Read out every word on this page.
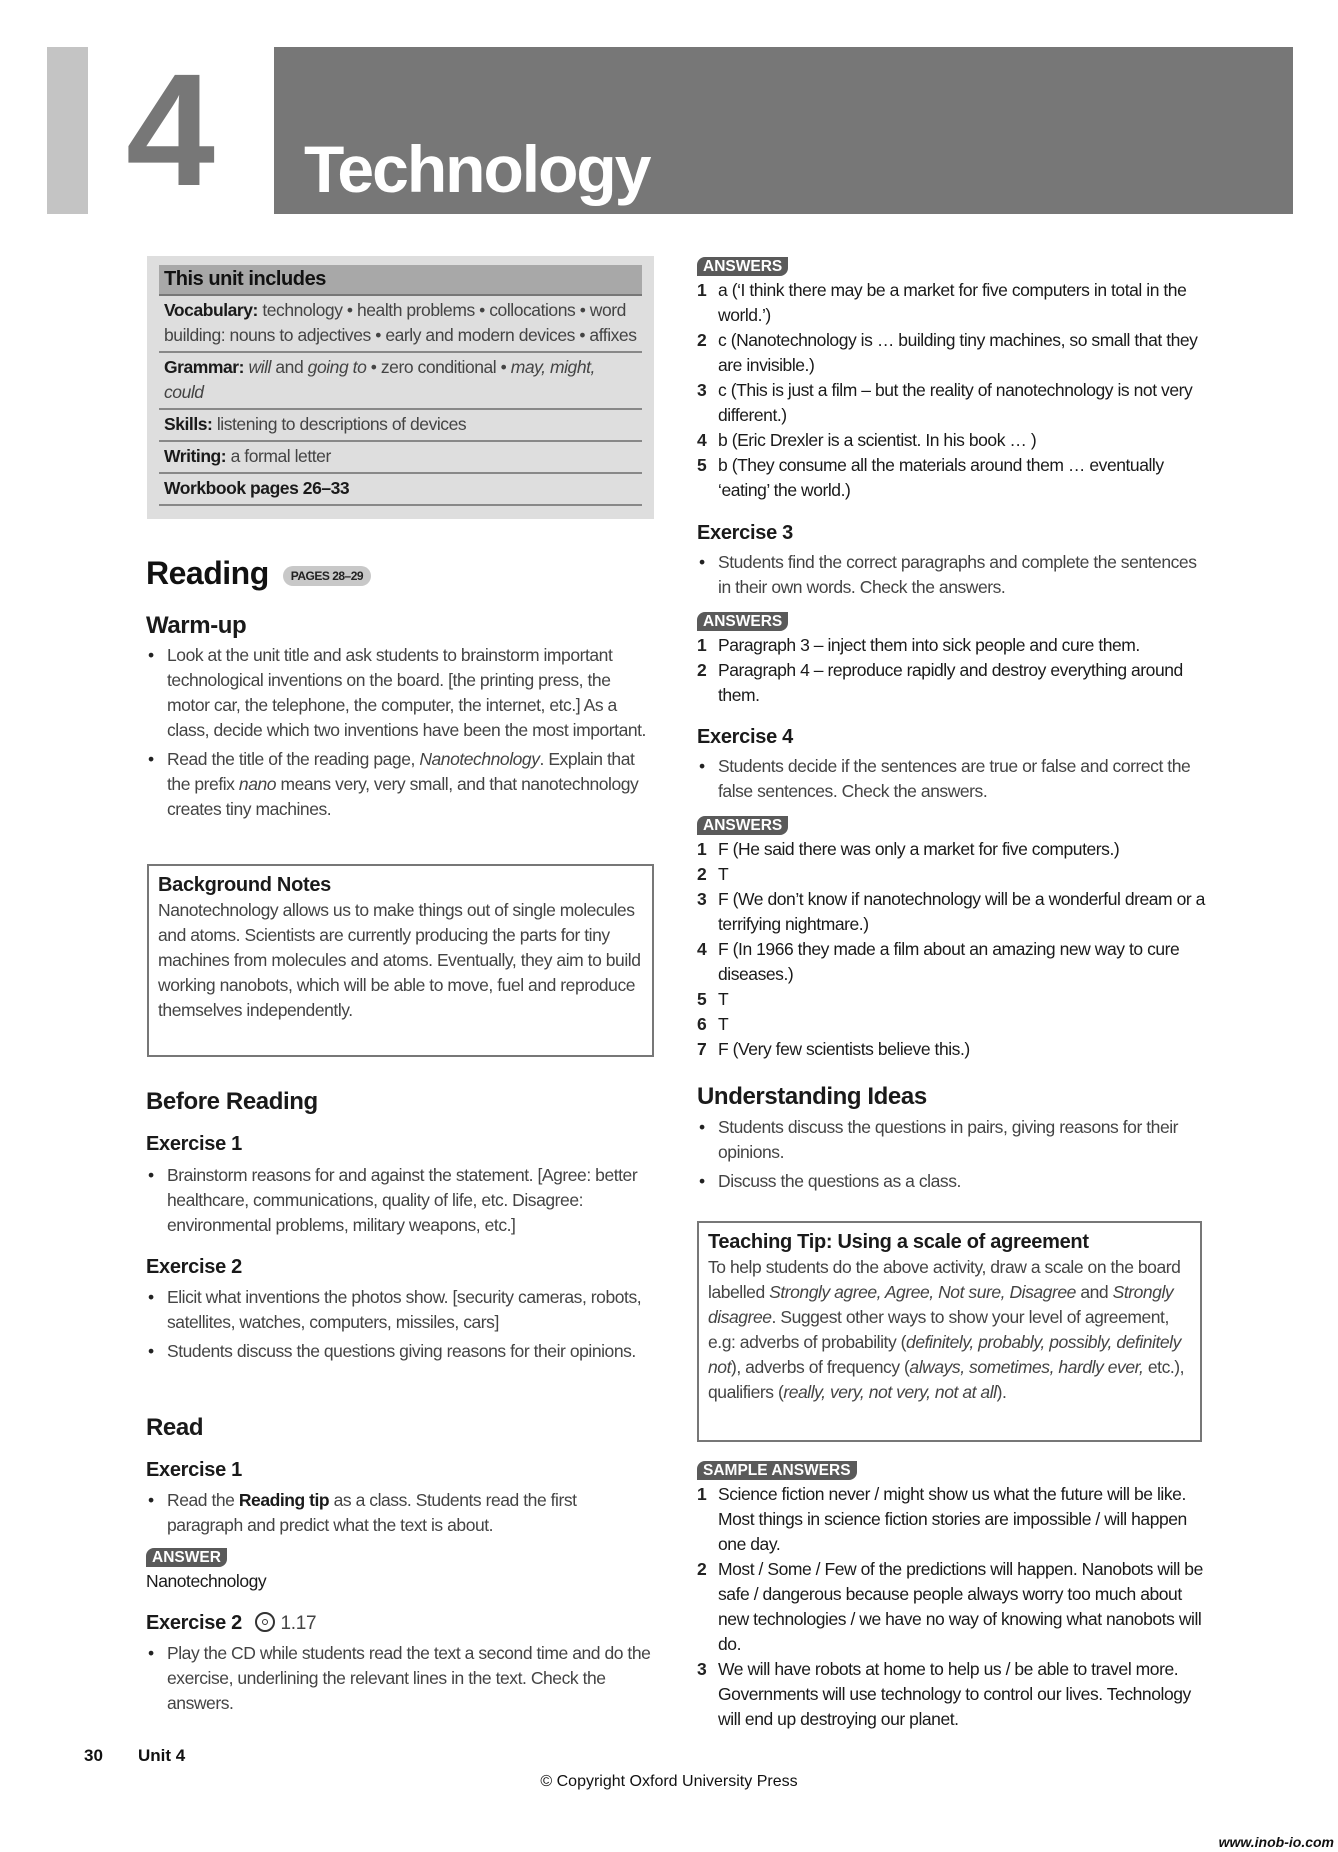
4 Technology
This unit includes
Vocabulary: technology • health problems • collocations • word building: nouns to adjectives • early and modern devices • affixes
Grammar: will and going to • zero conditional • may, might, could
Skills: listening to descriptions of devices
Writing: a formal letter
Workbook pages 26–33
Reading PAGES 28–29
Warm-up
• Look at the unit title and ask students to brainstorm important technological inventions on the board. [the printing press, the motor car, the telephone, the computer, the internet, etc.] As a class, decide which two inventions have been the most important.
• Read the title of the reading page, Nanotechnology. Explain that the prefix nano means very, very small, and that nanotechnology creates tiny machines.
Background Notes
Nanotechnology allows us to make things out of single molecules and atoms. Scientists are currently producing the parts for tiny machines from molecules and atoms. Eventually, they aim to build working nanobots, which will be able to move, fuel and reproduce themselves independently.
Before Reading
Exercise 1
• Brainstorm reasons for and against the statement. [Agree: better healthcare, communications, quality of life, etc. Disagree: environmental problems, military weapons, etc.]
Exercise 2
• Elicit what inventions the photos show. [security cameras, robots, satellites, watches, computers, missiles, cars]
• Students discuss the questions giving reasons for their opinions.
Read
Exercise 1
• Read the Reading tip as a class. Students read the first paragraph and predict what the text is about.
ANSWER
Nanotechnology
Exercise 2 1.17
• Play the CD while students read the text a second time and do the exercise, underlining the relevant lines in the text. Check the answers.
ANSWERS
1 a (‘I think there may be a market for five computers in total in the world.’)
2 c (Nanotechnology is … building tiny machines, so small that they are invisible.)
3 c (This is just a film – but the reality of nanotechnology is not very different.)
4 b (Eric Drexler is a scientist. In his book … )
5 b (They consume all the materials around them … eventually ‘eating’ the world.)
Exercise 3
• Students find the correct paragraphs and complete the sentences in their own words. Check the answers.
ANSWERS
1 Paragraph 3 – inject them into sick people and cure them.
2 Paragraph 4 – reproduce rapidly and destroy everything around them.
Exercise 4
• Students decide if the sentences are true or false and correct the false sentences. Check the answers.
ANSWERS
1 F (He said there was only a market for five computers.)
2 T
3 F (We don’t know if nanotechnology will be a wonderful dream or a terrifying nightmare.)
4 F (In 1966 they made a film about an amazing new way to cure diseases.)
5 T
6 T
7 F (Very few scientists believe this.)
Understanding Ideas
• Students discuss the questions in pairs, giving reasons for their opinions.
• Discuss the questions as a class.
Teaching Tip: Using a scale of agreement
To help students do the above activity, draw a scale on the board labelled Strongly agree, Agree, Not sure, Disagree and Strongly disagree. Suggest other ways to show your level of agreement, e.g: adverbs of probability (definitely, probably, possibly, definitely not), adverbs of frequency (always, sometimes, hardly ever, etc.), qualifiers (really, very, not very, not at all).
SAMPLE ANSWERS
1 Science fiction never / might show us what the future will be like. Most things in science fiction stories are impossible / will happen one day.
2 Most / Some / Few of the predictions will happen. Nanobots will be safe / dangerous because people always worry too much about new technologies / we have no way of knowing what nanobots will do.
3 We will have robots at home to help us / be able to travel more. Governments will use technology to control our lives. Technology will end up destroying our planet.
30 Unit 4
© Copyright Oxford University Press
www.inob-io.com
